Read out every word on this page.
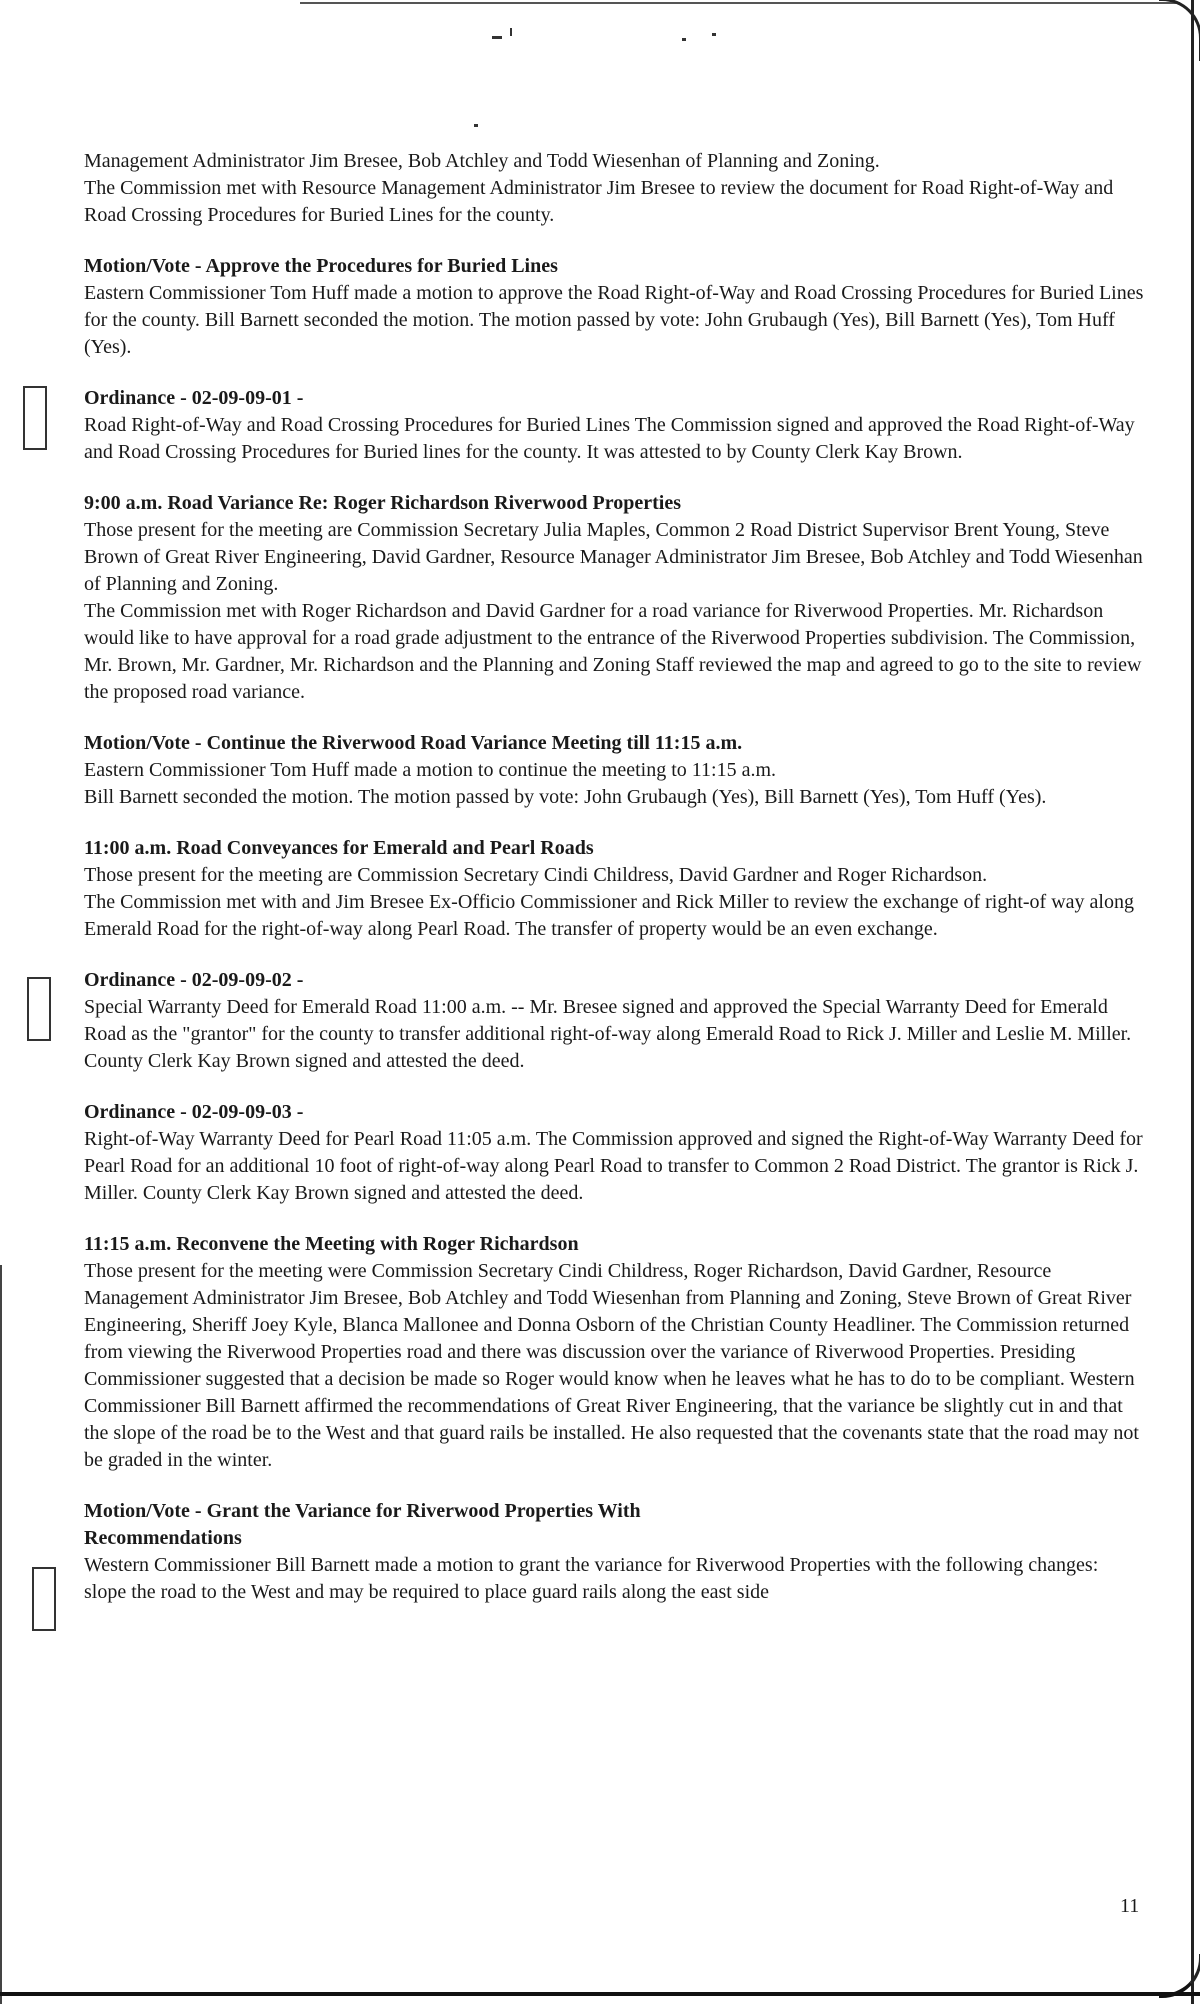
Management Administrator Jim Bresee, Bob Atchley and Todd Wiesenhan of Planning and Zoning.

The Commission met with Resource Management Administrator Jim Bresee to review the document for Road Right-of-Way and Road Crossing Procedures for Buried Lines for the county.

Motion/Vote - Approve the Procedures for Buried Lines

Eastern Commissioner Tom Huff made a motion to approve the Road Right-of-Way and Road Crossing Procedures for Buried Lines for the county. Bill Barnett seconded the motion. The motion passed by vote: John Grubaugh (Yes), Bill Barnett (Yes), Tom Huff (Yes).

Ordinance - 02-09-09-01 -

Road Right-of-Way and Road Crossing Procedures for Buried Lines The Commission signed and approved the Road Right-of-Way and Road Crossing Procedures for Buried lines for the county. It was attested to by County Clerk Kay Brown.

9:00 a.m. Road Variance Re: Roger Richardson Riverwood Properties

Those present for the meeting are Commission Secretary Julia Maples, Common 2 Road District Supervisor Brent Young, Steve Brown of Great River Engineering, David Gardner, Resource Manager Administrator Jim Bresee, Bob Atchley and Todd Wiesenhan of Planning and Zoning.

The Commission met with Roger Richardson and David Gardner for a road variance for Riverwood Properties. Mr. Richardson would like to have approval for a road grade adjustment to the entrance of the Riverwood Properties subdivision. The Commission, Mr. Brown, Mr. Gardner, Mr. Richardson and the Planning and Zoning Staff reviewed the map and agreed to go to the site to review the proposed road variance.

Motion/Vote - Continue the Riverwood Road Variance Meeting till 11:15 a.m.

Eastern Commissioner Tom Huff made a motion to continue the meeting to 11:15 a.m.

Bill Barnett seconded the motion. The motion passed by vote: John Grubaugh (Yes), Bill Barnett (Yes), Tom Huff (Yes).

11:00 a.m. Road Conveyances for Emerald and Pearl Roads

Those present for the meeting are Commission Secretary Cindi Childress, David Gardner and Roger Richardson.

The Commission met with and Jim Bresee Ex-Officio Commissioner and Rick Miller to review the exchange of right-of way along Emerald Road for the right-of-way along Pearl Road. The transfer of property would be an even exchange.

Ordinance - 02-09-09-02 -

Special Warranty Deed for Emerald Road 11:00 a.m. -- Mr. Bresee signed and approved the Special Warranty Deed for Emerald Road as the "grantor" for the county to transfer additional right-of-way along Emerald Road to Rick J. Miller and Leslie M. Miller. County Clerk Kay Brown signed and attested the deed.

Ordinance - 02-09-09-03 -

Right-of-Way Warranty Deed for Pearl Road 11:05 a.m. The Commission approved and signed the Right-of-Way Warranty Deed for Pearl Road for an additional 10 foot of right-of-way along Pearl Road to transfer to Common 2 Road District. The grantor is Rick J. Miller. County Clerk Kay Brown signed and attested the deed.

11:15 a.m. Reconvene the Meeting with Roger Richardson

Those present for the meeting were Commission Secretary Cindi Childress, Roger Richardson, David Gardner, Resource Management Administrator Jim Bresee, Bob Atchley and Todd Wiesenhan from Planning and Zoning, Steve Brown of Great River Engineering, Sheriff Joey Kyle, Blanca Mallonee and Donna Osborn of the Christian County Headliner. The Commission returned from viewing the Riverwood Properties road and there was discussion over the variance of Riverwood Properties. Presiding Commissioner suggested that a decision be made so Roger would know when he leaves what he has to do to be compliant. Western Commissioner Bill Barnett affirmed the recommendations of Great River Engineering, that the variance be slightly cut in and that the slope of the road be to the West and that guard rails be installed. He also requested that the covenants state that the road may not be graded in the winter.

Motion/Vote - Grant the Variance for Riverwood Properties With Recommendations

Western Commissioner Bill Barnett made a motion to grant the variance for Riverwood Properties with the following changes: slope the road to the West and may be required to place guard rails along the east side

11
